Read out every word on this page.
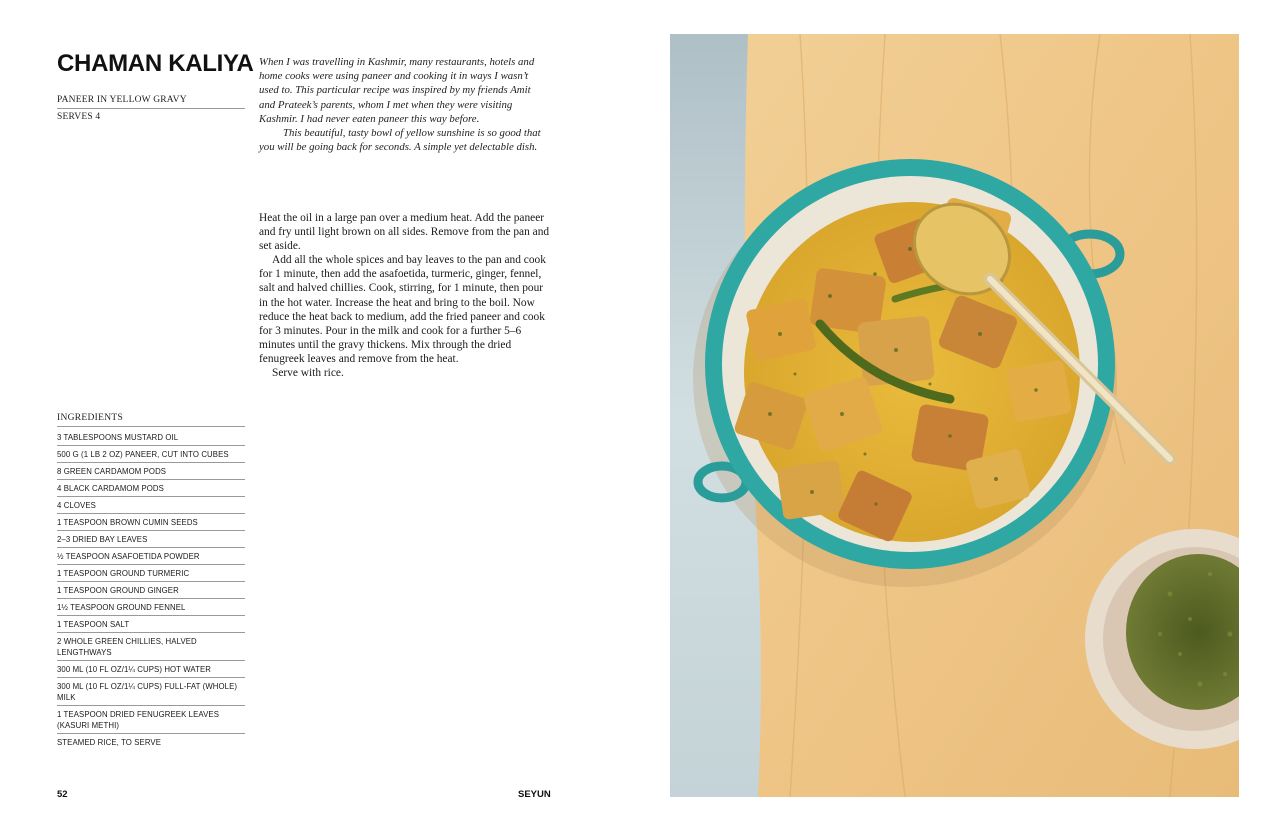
CHAMAN KALIYA
PANEER IN YELLOW GRAVY
SERVES 4

When I was travelling in Kashmir, many restaurants, hotels and home cooks were using paneer and cooking it in ways I wasn’t used to. This particular recipe was inspired by my friends Amit and Prateek’s parents, whom I met when they were visiting Kashmir. I had never eaten paneer this way before.

This beautiful, tasty bowl of yellow sunshine is so good that you will be going back for seconds. A simple yet delectable dish.

Heat the oil in a large pan over a medium heat. Add the paneer and fry until light brown on all sides. Remove from the pan and set aside.

Add all the whole spices and bay leaves to the pan and cook for 1 minute, then add the asafoetida, turmeric, ginger, fennel, salt and halved chillies. Cook, stirring, for 1 minute, then pour in the hot water. Increase the heat and bring to the boil. Now reduce the heat back to medium, add the fried paneer and cook for 3 minutes. Pour in the milk and cook for a further 5–6 minutes until the gravy thickens. Mix through the dried fenugreek leaves and remove from the heat.

Serve with rice.

INGREDIENTS
3 TABLESPOONS MUSTARD OIL
500 G (1 LB 2 OZ) PANEER, CUT INTO CUBES
8 GREEN CARDAMOM PODS
4 BLACK CARDAMOM PODS
4 CLOVES
1 TEASPOON BROWN CUMIN SEEDS
2–3 DRIED BAY LEAVES
½ TEASPOON ASAFOETIDA POWDER
1 TEASPOON GROUND TURMERIC
1 TEASPOON GROUND GINGER
1½ TEASPOON GROUND FENNEL
1 TEASPOON SALT
2 WHOLE GREEN CHILLIES, HALVED LENGTHWAYS
300 ML (10 FL OZ/1¼ CUPS) HOT WATER
300 ML (10 FL OZ/1¼ CUPS) FULL-FAT (WHOLE) MILK
1 TEASPOON DRIED FENUGREEK LEAVES (KASURI METHI)
STEAMED RICE, TO SERVE
52	SEYUN
